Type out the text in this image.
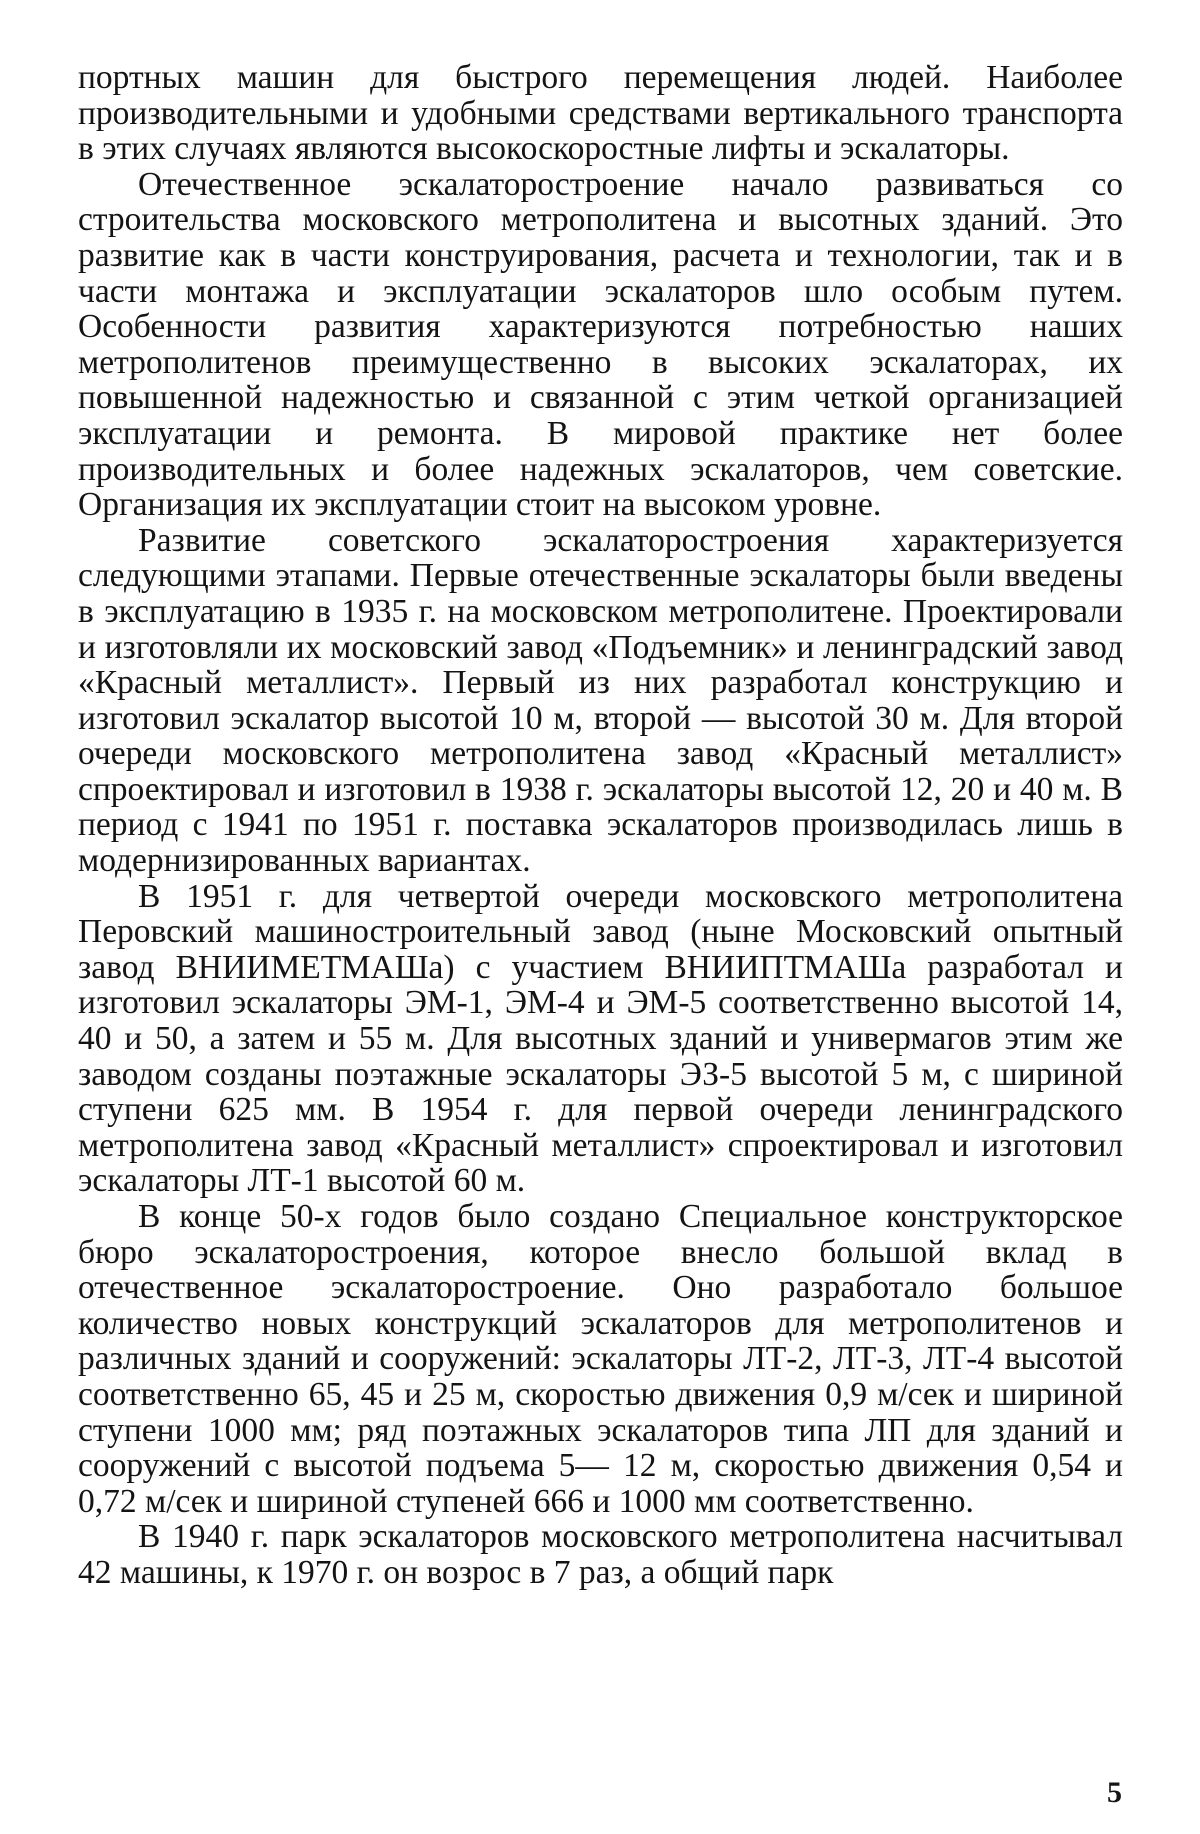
портных машин для быстрого перемещения людей. Наиболее производительными и удобными средствами вертикального транспорта в этих случаях являются высокоскоростные лифты и эскалаторы.

Отечественное эскалаторостроение начало развиваться со строительства московского метрополитена и высотных зданий. Это развитие как в части конструирования, расчета и технологии, так и в части монтажа и эксплуатации эскалаторов шло особым путем. Особенности развития характеризуются потребностью наших метрополитенов преимущественно в высоких эскалаторах, их повышенной надежностью и связанной с этим четкой организацией эксплуатации и ремонта. В мировой практике нет более производительных и более надежных эскалаторов, чем советские. Организация их эксплуатации стоит на высоком уровне.

Развитие советского эскалаторостроения характеризуется следующими этапами. Первые отечественные эскалаторы были введены в эксплуатацию в 1935 г. на московском метрополитене. Проектировали и изготовляли их московский завод «Подъемник» и ленинградский завод «Красный металлист». Первый из них разработал конструкцию и изготовил эскалатор высотой 10 м, второй — высотой 30 м. Для второй очереди московского метрополитена завод «Красный металлист» спроектировал и изготовил в 1938 г. эскалаторы высотой 12, 20 и 40 м. В период с 1941 по 1951 г. поставка эскалаторов производилась лишь в модернизированных вариантах.

В 1951 г. для четвертой очереди московского метрополитена Перовский машиностроительный завод (ныне Московский опытный завод ВНИИМЕТМАШа) с участием ВНИИПТМАШа разработал и изготовил эскалаторы ЭМ-1, ЭМ-4 и ЭМ-5 соответственно высотой 14, 40 и 50, а затем и 55 м. Для высотных зданий и универмагов этим же заводом созданы поэтажные эскалаторы ЭЗ-5 высотой 5 м, с шириной ступени 625 мм. В 1954 г. для первой очереди ленинградского метрополитена завод «Красный металлист» спроектировал и изготовил эскалаторы ЛТ-1 высотой 60 м.

В конце 50-х годов было создано Специальное конструкторское бюро эскалаторостроения, которое внесло большой вклад в отечественное эскалаторостроение. Оно разработало большое количество новых конструкций эскалаторов для метрополитенов и различных зданий и сооружений: эскалаторы ЛТ-2, ЛТ-3, ЛТ-4 высотой соответственно 65, 45 и 25 м, скоростью движения 0,9 м/сек и шириной ступени 1000 мм; ряд поэтажных эскалаторов типа ЛП для зданий и сооружений с высотой подъема 5— 12 м, скоростью движения 0,54 и 0,72 м/сек и шириной ступеней 666 и 1000 мм соответственно.

В 1940 г. парк эскалаторов московского метрополитена насчитывал 42 машины, к 1970 г. он возрос в 7 раз, а общий парк

5
